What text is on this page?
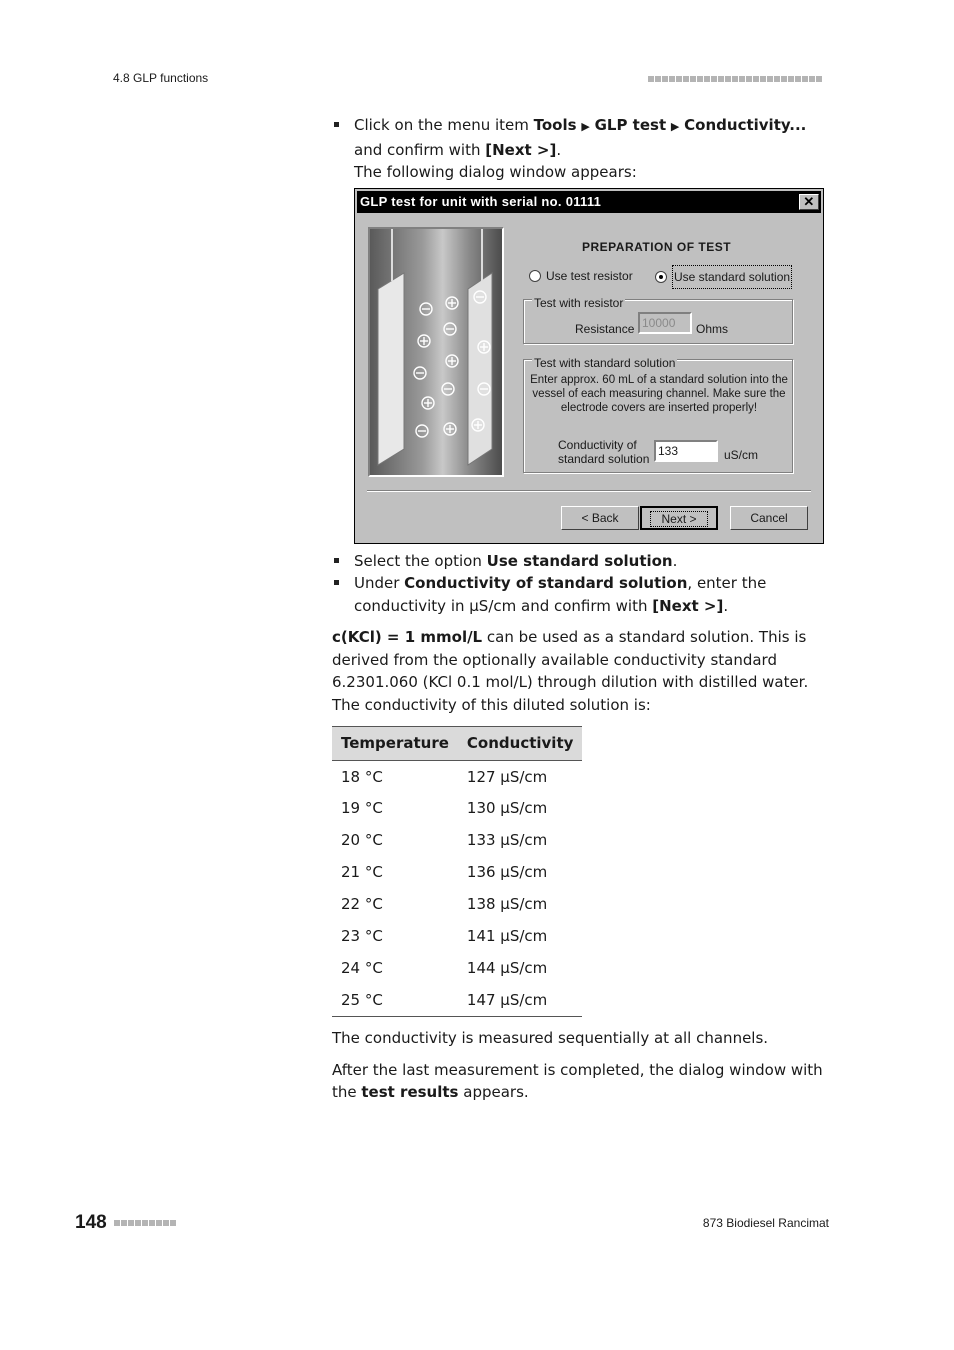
4.8 GLP functions
Click on the menu item Tools ▶ GLP test ▶ Conductivity... and confirm with [Next >].
The following dialog window appears:
GLP test for unit with serial no. 01111	✕
PREPARATION OF TEST
Use test resistor	Use standard solution
Test with resistor
Resistance 10000	Ohms
Test with standard solution
Enter approx. 60 mL of a standard solution into the vessel of each measuring channel. Make sure the electrode covers are inserted properly!
Conductivity of
standard solution
133	uS/cm
< Back	Next >	Cancel
Select the option Use standard solution.
Under Conductivity of standard solution, enter the conductivity in µS/cm and confirm with [Next >].

c(KCl) = 1 mmol/L can be used as a standard solution. This is derived from the optionally available conductivity standard 6.2301.060 (KCl 0.1 mol/L) through dilution with distilled water. The conductivity of this diluted solution is:

Temperature	Conductivity
18 °C	127 µS/cm
19 °C	130 µS/cm
20 °C	133 µS/cm
21 °C	136 µS/cm
22 °C	138 µS/cm
23 °C	141 µS/cm
24 °C	144 µS/cm
25 °C	147 µS/cm

The conductivity is measured sequentially at all channels.

After the last measurement is completed, the dialog window with the test results appears.

148	873 Biodiesel Rancimat
